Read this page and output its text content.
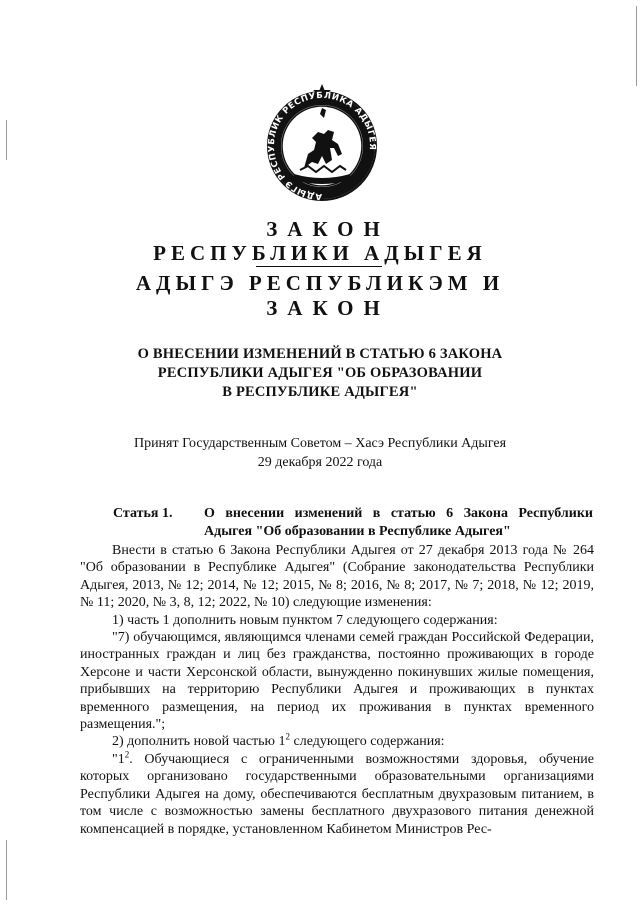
АДЫГЭ РЕСПУБЛИК РЕСПУБЛИКА АДЫГЕЯ
ЗАКОН
РЕСПУБЛИКИ АДЫГЕЯ
АДЫГЭ РЕСПУБЛИКЭМ И
ЗАКОН
О ВНЕСЕНИИ ИЗМЕНЕНИЙ В СТАТЬЮ 6 ЗАКОНА
РЕСПУБЛИКИ АДЫГЕЯ "ОБ ОБРАЗОВАНИИ
В РЕСПУБЛИКЕ АДЫГЕЯ"
Принят Государственным Советом – Хасэ Республики Адыгея
29 декабря 2022 года
Статья 1. О внесении изменений в статью 6 Закона Республики Адыгея "Об образовании в Республике Адыгея"

Внести в статью 6 Закона Республики Адыгея от 27 декабря 2013 года № 264 "Об образовании в Республике Адыгея" (Собрание законодательства Республики Адыгея, 2013, № 12; 2014, № 12; 2015, № 8; 2016, № 8; 2017, № 7; 2018, № 12; 2019, № 11; 2020, № 3, 8, 12; 2022, № 10) следующие изменения:

1) часть 1 дополнить новым пунктом 7 следующего содержания:

"7) обучающимся, являющимся членами семей граждан Российской Федерации, иностранных граждан и лиц без гражданства, постоянно проживающих в городе Херсоне и части Херсонской области, вынужденно покинувших жилые помещения, прибывших на территорию Республики Адыгея и проживающих в пунктах временного размещения, на период их проживания в пунктах временного размещения.";

2) дополнить новой частью $1^2$ следующего содержания:

"$1^2$. Обучающиеся с ограниченными возможностями здоровья, обучение которых организовано государственными образовательными организациями Республики Адыгея на дому, обеспечиваются бесплатным двухразовым питанием, в том числе с возможностью замены бесплатного двухразового питания денежной компенсацией в порядке, установленном Кабинетом Министров Рес-
